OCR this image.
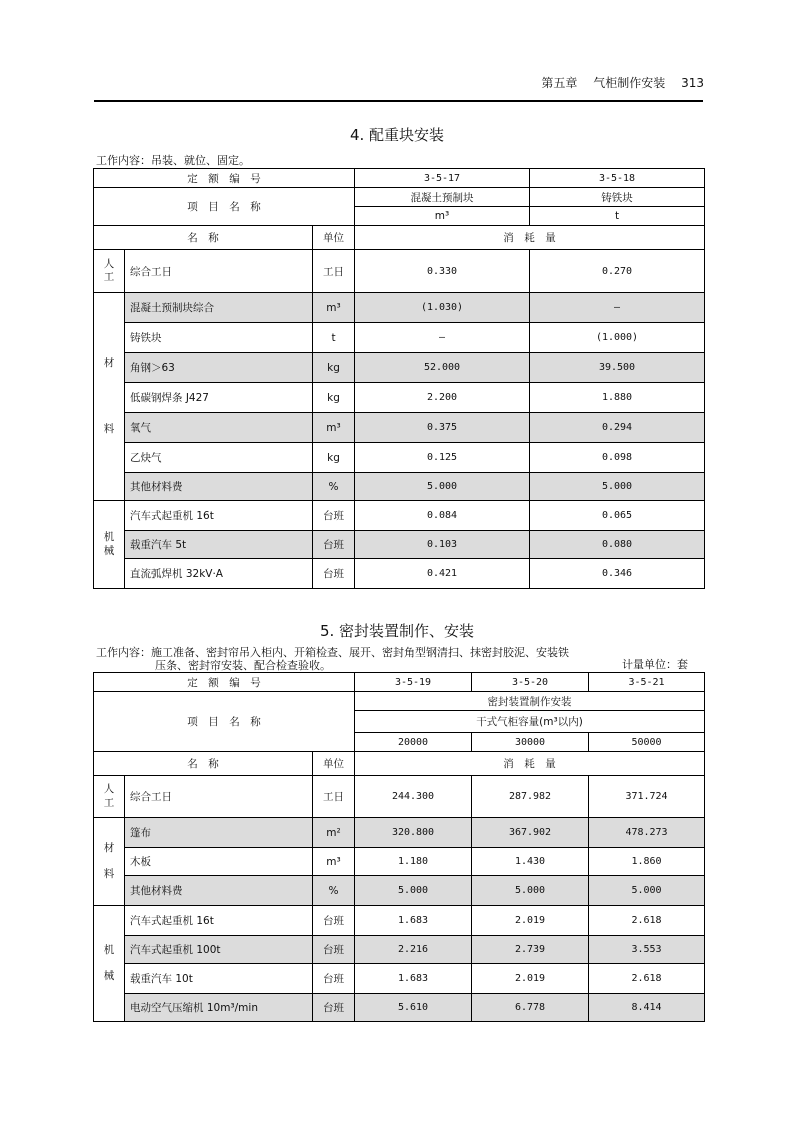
第五章 气柜制作安装 313
4. 配重块安装
工作内容：吊装、就位、固定。
定　额　编　号			3-5-17	3-5-18
项　目　名　称			混凝土预制块	铸铁块
			m³	t
名　称		单位	消　耗　量	

人
工	综合工日	工日	0.330	0.270

材

料	混凝土预制块综合	m³	(1.030)	—
	铸铁块	t	—	(1.000)
	角钢＞63	kg	52.000	39.500
	低碳钢焊条 J427	kg	2.200	1.880
	氧气	m³	0.375	0.294
	乙炔气	kg	0.125	0.098
	其他材料费	%	5.000	5.000

机
械	汽车式起重机 16t	台班	0.084	0.065
	载重汽车 5t	台班	0.103	0.080
	直流弧焊机 32kV·A	台班	0.421	0.346
5. 密封装置制作、安装
工作内容：施工准备、密封帘吊入柜内、开箱检查、展开、密封角型钢清扫、抹密封胶泥、安装铁
压条、密封帘安装、配合检查验收。	计量单位：套
定　额　编　号			3-5-19	3-5-20	3-5-21
项　目　名　称			密封装置制作安装		
			干式气柜容量(m³以内)		
			20000	30000	50000
名　称		单位	消　耗　量		

人
工	综合工日	工日	244.300	287.982	371.724

材

料	篷布	m²	320.800	367.902	478.273
	木板	m³	1.180	1.430	1.860
	其他材料费	%	5.000	5.000	5.000

机

械	汽车式起重机 16t	台班	1.683	2.019	2.618
	汽车式起重机 100t	台班	2.216	2.739	3.553
	载重汽车 10t	台班	1.683	2.019	2.618
	电动空气压缩机 10m³/min	台班	5.610	6.778	8.414
